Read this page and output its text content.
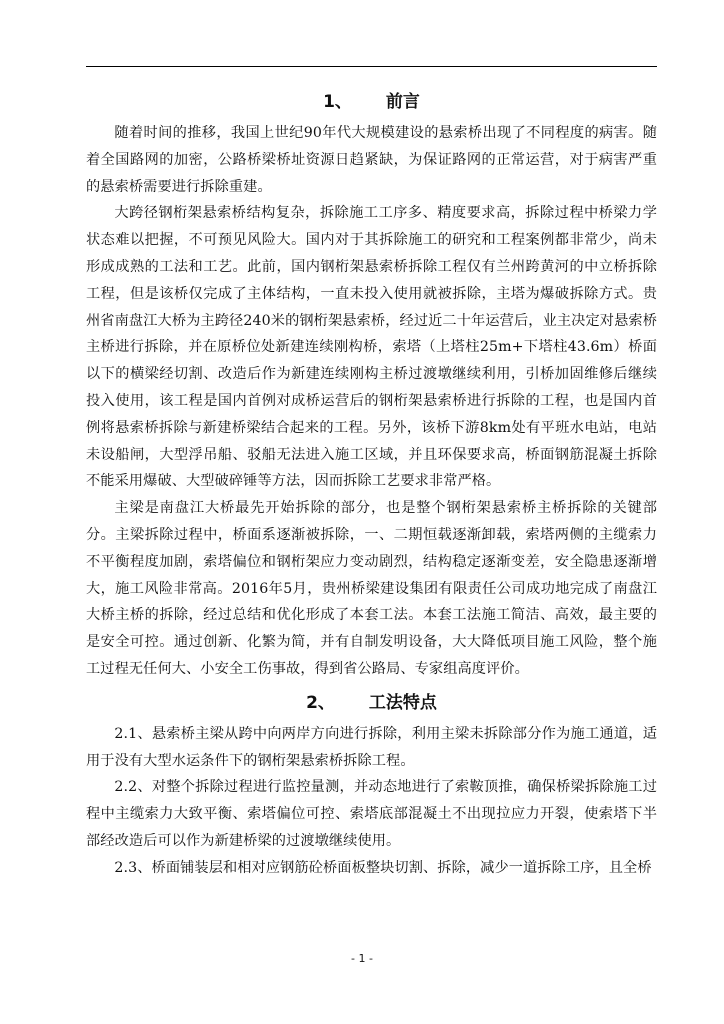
1、 前言

随着时间的推移，我国上世纪90年代大规模建设的悬索桥出现了不同程度的病害。随着全国路网的加密，公路桥梁桥址资源日趋紧缺，为保证路网的正常运营，对于病害严重的悬索桥需要进行拆除重建。

大跨径钢桁架悬索桥结构复杂，拆除施工工序多、精度要求高，拆除过程中桥梁力学状态难以把握，不可预见风险大。国内对于其拆除施工的研究和工程案例都非常少，尚未形成成熟的工法和工艺。此前，国内钢桁架悬索桥拆除工程仅有兰州跨黄河的中立桥拆除工程，但是该桥仅完成了主体结构，一直未投入使用就被拆除，主塔为爆破拆除方式。贵州省南盘江大桥为主跨径240米的钢桁架悬索桥，经过近二十年运营后，业主决定对悬索桥主桥进行拆除，并在原桥位处新建连续刚构桥，索塔（上塔柱25m+下塔柱43.6m）桥面以下的横梁经切割、改造后作为新建连续刚构主桥过渡墩继续利用，引桥加固维修后继续投入使用，该工程是国内首例对成桥运营后的钢桁架悬索桥进行拆除的工程，也是国内首例将悬索桥拆除与新建桥梁结合起来的工程。另外，该桥下游8km处有平班水电站，电站未设船闸，大型浮吊船、驳船无法进入施工区域，并且环保要求高，桥面钢筋混凝土拆除不能采用爆破、大型破碎锤等方法，因而拆除工艺要求非常严格。

主梁是南盘江大桥最先开始拆除的部分，也是整个钢桁架悬索桥主桥拆除的关键部分。主梁拆除过程中，桥面系逐渐被拆除，一、二期恒载逐渐卸载，索塔两侧的主缆索力不平衡程度加剧，索塔偏位和钢桁架应力变动剧烈，结构稳定逐渐变差，安全隐患逐渐增大，施工风险非常高。2016年5月，贵州桥梁建设集团有限责任公司成功地完成了南盘江大桥主桥的拆除，经过总结和优化形成了本套工法。本套工法施工简洁、高效，最主要的是安全可控。通过创新、化繁为简，并有自制发明设备，大大降低项目施工风险，整个施工过程无任何大、小安全工伤事故，得到省公路局、专家组高度评价。

2、 工法特点

2.1、悬索桥主梁从跨中向两岸方向进行拆除，利用主梁未拆除部分作为施工通道，适用于没有大型水运条件下的钢桁架悬索桥拆除工程。

2.2、对整个拆除过程进行监控量测，并动态地进行了索鞍顶推，确保桥梁拆除施工过程中主缆索力大致平衡、索塔偏位可控、索塔底部混凝土不出现拉应力开裂，使索塔下半部经改造后可以作为新建桥梁的过渡墩继续使用。

2.3、桥面铺装层和相对应钢筋砼桥面板整块切割、拆除，减少一道拆除工序，且全桥

- 1 -
